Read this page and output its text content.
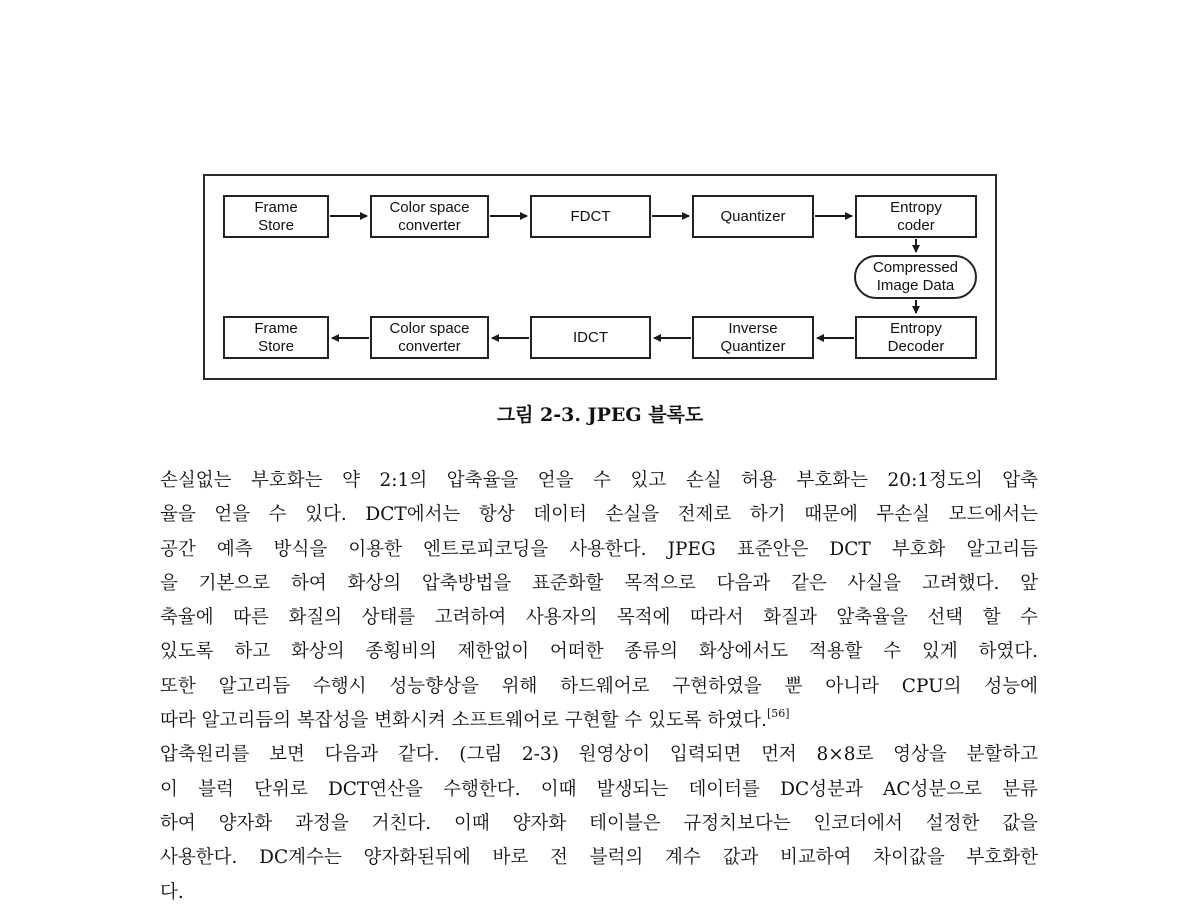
Frame
Store
Color space
converter
FDCT	Quantizer
Entropy
coder
Compressed
Image Data
Frame
Store
Color space
converter
IDCT
Inverse
Quantizer
Entropy
Decoder
그림 2-3. JPEG 블록도
손실없는 부호화는 약 2:1의 압축율을 얻을 수 있고 손실 허용 부호화는 20:1정도의 압축
율을 얻을 수 있다. DCT에서는 항상 데이터 손실을 전제로 하기 때문에 무손실 모드에서는
공간 예측 방식을 이용한 엔트로피코딩을 사용한다. JPEG 표준안은 DCT 부호화 알고리듬
을 기본으로 하여 화상의 압축방법을 표준화할 목적으로 다음과 같은 사실을 고려했다. 앞
축율에 따른 화질의 상태를 고려하여 사용자의 목적에 따라서 화질과 앞축율을 선택 할 수
있도록 하고 화상의 종횡비의 제한없이 어떠한 종류의 화상에서도 적용할 수 있게 하였다.
또한 알고리듬 수행시 성능향상을 위해 하드웨어로 구현하였을 뿐 아니라 CPU의 성능에
따라 알고리듬의 복잡성을 변화시켜 소프트웨어로 구현할 수 있도록 하였다.[56]
압축원리를 보면 다음과 같다. (그림 2-3) 원영상이 입력되면 먼저 8×8로 영상을 분할하고
이 블럭 단위로 DCT연산을 수행한다. 이때 발생되는 데이터를 DC성분과 AC성분으로 분류
하여 양자화 과정을 거친다. 이때 양자화 테이블은 규정치보다는 인코더에서 설정한 값을
사용한다. DC계수는 양자화된뒤에 바로 전 블럭의 계수 값과 비교하여 차이값을 부호화한
다.
